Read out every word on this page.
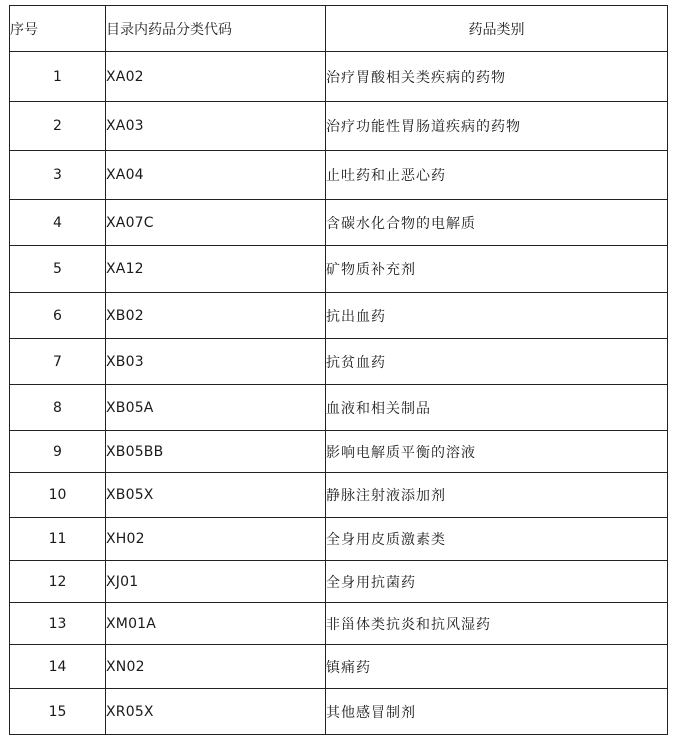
序号	目录内药品分类代码	药品类别
1	XA02	治疗胃酸相关类疾病的药物
2	XA03	治疗功能性胃肠道疾病的药物
3	XA04	止吐药和止恶心药
4	XA07C	含碳水化合物的电解质
5	XA12	矿物质补充剂
6	XB02	抗出血药
7	XB03	抗贫血药
8	XB05A	血液和相关制品
9	XB05BB	影响电解质平衡的溶液
10	XB05X	静脉注射液添加剂
11	XH02	全身用皮质激素类
12	XJ01	全身用抗菌药
13	XM01A	非甾体类抗炎和抗风湿药
14	XN02	镇痛药
15	XR05X	其他感冒制剂
